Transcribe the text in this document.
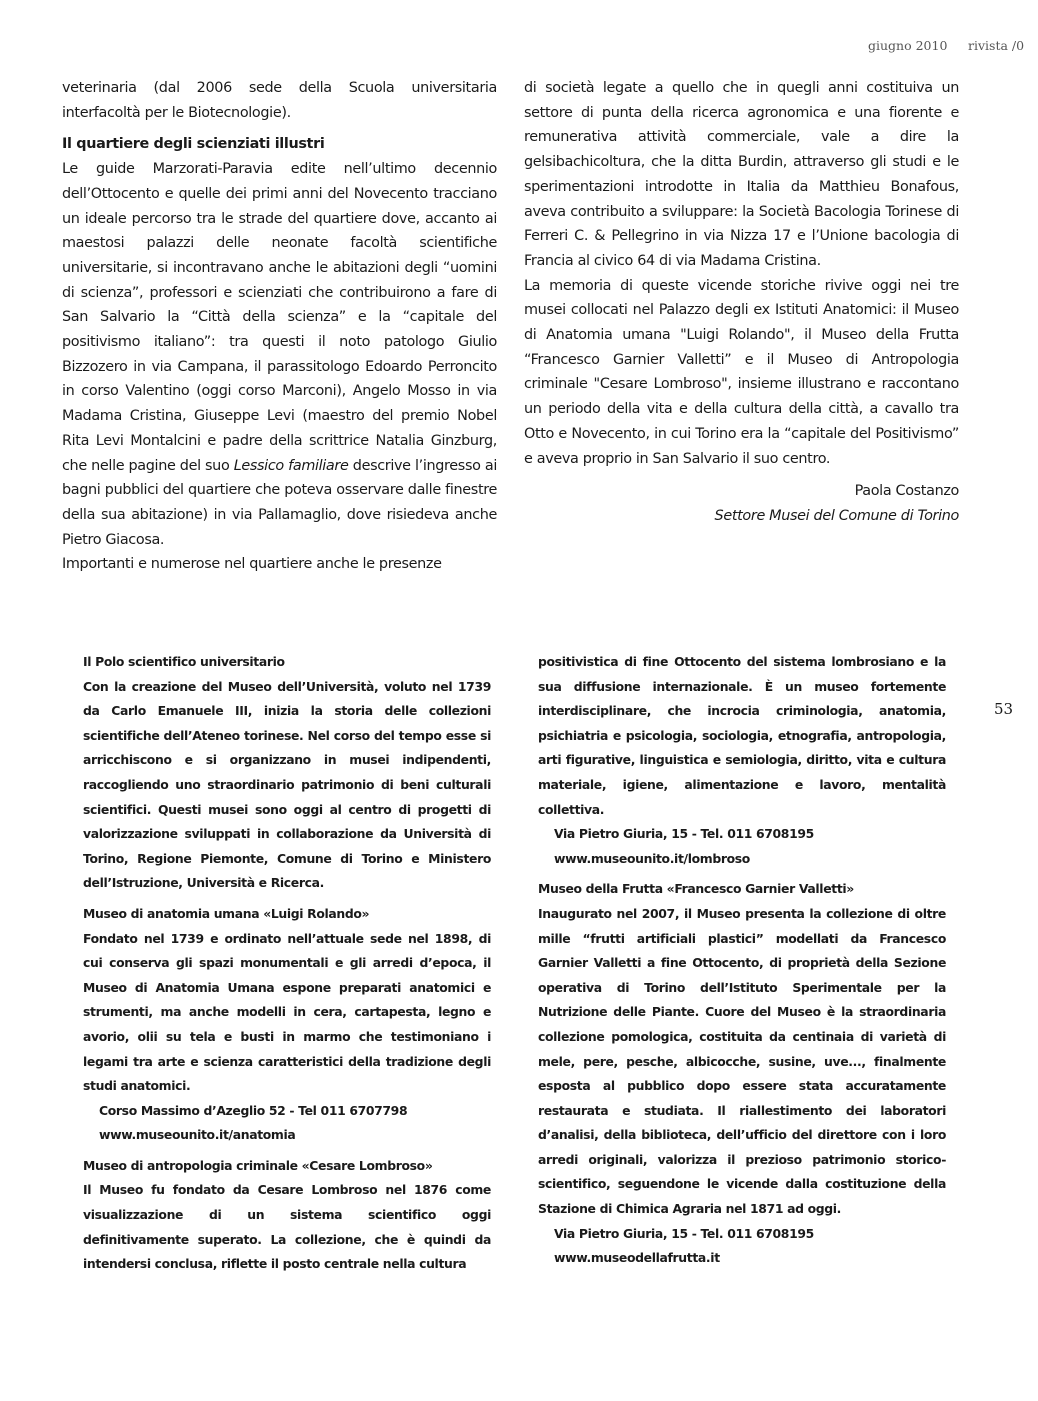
giugno 2010 rivista /0

veterinaria (dal 2006 sede della Scuola universitaria interfacoltà per le Biotecnologie).

Il quartiere degli scienziati illustri

Le guide Marzorati-Paravia edite nell’ultimo decennio dell’Ottocento e quelle dei primi anni del Novecento tracciano un ideale percorso tra le strade del quartiere dove, accanto ai maestosi palazzi delle neonate facoltà scientifiche universitarie, si incontravano anche le abitazioni degli “uomini di scienza”, professori e scienziati che contribuirono a fare di San Salvario la “Città della scienza” e la “capitale del positivismo italiano”: tra questi il noto patologo Giulio Bizzozero in via Campana, il parassitologo Edoardo Perroncito in corso Valentino (oggi corso Marconi), Angelo Mosso in via Madama Cristina, Giuseppe Levi (maestro del premio Nobel Rita Levi Montalcini e padre della scrittrice Natalia Ginzburg, che nelle pagine del suo Lessico familiare descrive l’ingresso ai bagni pubblici del quartiere che poteva osservare dalle finestre della sua abitazione) in via Pallamaglio, dove risiedeva anche Pietro Giacosa.

Importanti e numerose nel quartiere anche le presenze

di società legate a quello che in quegli anni costituiva un settore di punta della ricerca agronomica e una fiorente e remunerativa attività commerciale, vale a dire la gelsibachicoltura, che la ditta Burdin, attraverso gli studi e le sperimentazioni introdotte in Italia da Matthieu Bonafous, aveva contribuito a sviluppare: la Società Bacologia Torinese di Ferreri C. & Pellegrino in via Nizza 17 e l’Unione bacologia di Francia al civico 64 di via Madama Cristina.

La memoria di queste vicende storiche rivive oggi nei tre musei collocati nel Palazzo degli ex Istituti Anatomici: il Museo di Anatomia umana "Luigi Rolando", il Museo della Frutta “Francesco Garnier Valletti” e il Museo di Antropologia criminale "Cesare Lombroso", insieme illustrano e raccontano un periodo della vita e della cultura della città, a cavallo tra Otto e Novecento, in cui Torino era la “capitale del Positivismo” e aveva proprio in San Salvario il suo centro.

Paola Costanzo

Settore Musei del Comune di Torino

Il Polo scientifico universitario

Con la creazione del Museo dell’Università, voluto nel 1739 da Carlo Emanuele III, inizia la storia delle collezioni scientifiche dell’Ateneo torinese. Nel corso del tempo esse si arricchiscono e si organizzano in musei indipendenti, raccogliendo uno straordinario patrimonio di beni culturali scientifici. Questi musei sono oggi al centro di progetti di valorizzazione sviluppati in collaborazione da Università di Torino, Regione Piemonte, Comune di Torino e Ministero dell’Istruzione, Università e Ricerca.

Museo di anatomia umana «Luigi Rolando»

Fondato nel 1739 e ordinato nell’attuale sede nel 1898, di cui conserva gli spazi monumentali e gli arredi d’epoca, il Museo di Anatomia Umana espone preparati anatomici e strumenti, ma anche modelli in cera, cartapesta, legno e avorio, olii su tela e busti in marmo che testimoniano i legami tra arte e scienza caratteristici della tradizione degli studi anatomici.

Corso Massimo d’Azeglio 52 - Tel 011 6707798

www.museounito.it/anatomia

Museo di antropologia criminale «Cesare Lombroso»

Il Museo fu fondato da Cesare Lombroso nel 1876 come visualizzazione di un sistema scientifico oggi definitivamente superato. La collezione, che è quindi da intendersi conclusa, riflette il posto centrale nella cultura

positivistica di fine Ottocento del sistema lombrosiano e la sua diffusione internazionale. È un museo fortemente interdisciplinare, che incrocia criminologia, anatomia, psichiatria e psicologia, sociologia, etnografia, antropologia, arti figurative, linguistica e semiologia, diritto, vita e cultura materiale, igiene, alimentazione e lavoro, mentalità collettiva.

Via Pietro Giuria, 15 - Tel. 011 6708195

www.museounito.it/lombroso

Museo della Frutta «Francesco Garnier Valletti»

Inaugurato nel 2007, il Museo presenta la collezione di oltre mille “frutti artificiali plastici” modellati da Francesco Garnier Valletti a fine Ottocento, di proprietà della Sezione operativa di Torino dell’Istituto Sperimentale per la Nutrizione delle Piante. Cuore del Museo è la straordinaria collezione pomologica, costituita da centinaia di varietà di mele, pere, pesche, albicocche, susine, uve..., finalmente esposta al pubblico dopo essere stata accuratamente restaurata e studiata. Il riallestimento dei laboratori d’analisi, della biblioteca, dell’ufficio del direttore con i loro arredi originali, valorizza il prezioso patrimonio storico-scientifico, seguendone le vicende dalla costituzione della Stazione di Chimica Agraria nel 1871 ad oggi.

Via Pietro Giuria, 15 - Tel. 011 6708195

www.museodellafrutta.it

53
